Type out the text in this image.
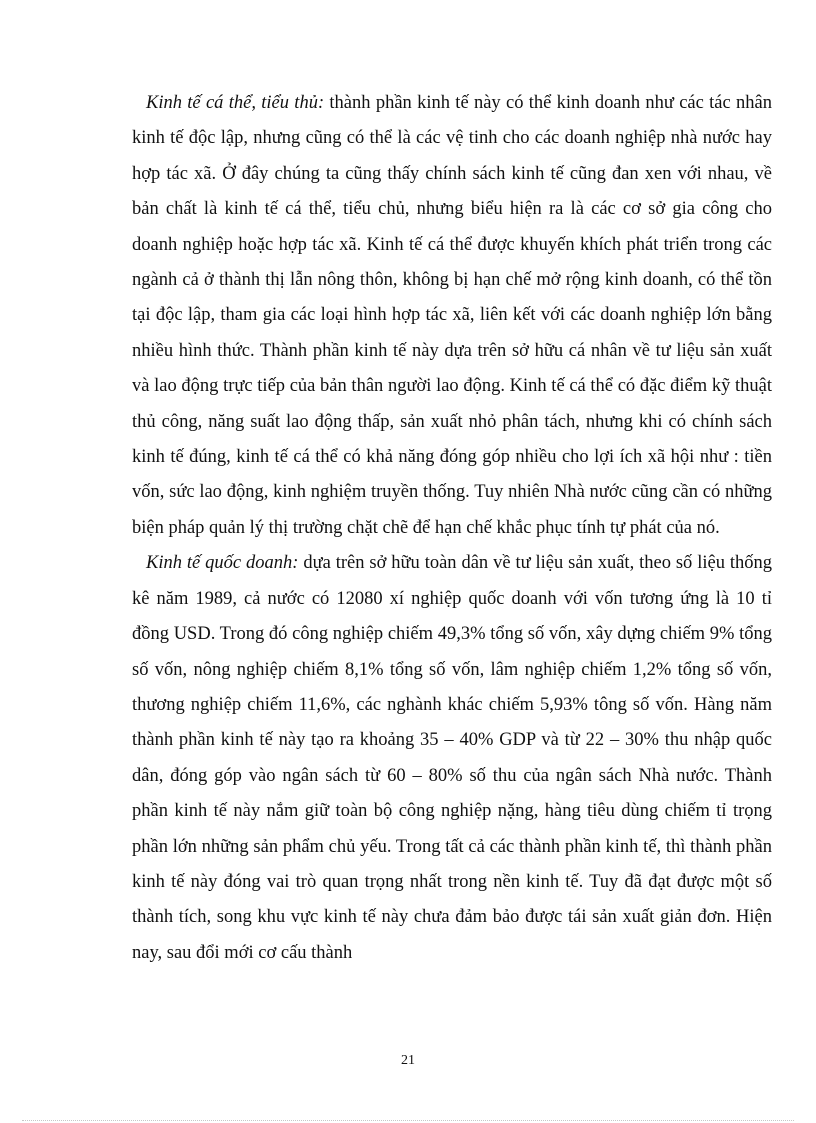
Kinh tế cá thể, tiểu thủ: thành phần kinh tế này có thể kinh doanh như các tác nhân kinh tế độc lập, nhưng cũng có thể là các vệ tinh cho các doanh nghiệp nhà nước hay hợp tác xã. Ở đây chúng ta cũng thấy chính sách kinh tế cũng đan xen với nhau, về bản chất là kinh tế cá thể, tiểu chủ, nhưng biểu hiện ra là các cơ sở gia công cho doanh nghiệp hoặc hợp tác xã. Kinh tế cá thể được khuyến khích phát triển trong các ngành cả ở thành thị lẫn nông thôn, không bị hạn chế mở rộng kinh doanh, có thể tồn tại độc lập, tham gia các loại hình hợp tác xã, liên kết với các doanh nghiệp lớn bằng nhiều hình thức. Thành phần kinh tế này dựa trên sở hữu cá nhân về tư liệu sản xuất và lao động trực tiếp của bản thân người lao động. Kinh tế cá thể có đặc điểm kỹ thuật thủ công, năng suất lao động thấp, sản xuất nhỏ phân tách, nhưng khi có chính sách kinh tế đúng, kinh tế cá thể có khả năng đóng góp nhiều cho lợi ích xã hội như : tiền vốn, sức lao động, kinh nghiệm truyền thống. Tuy nhiên Nhà nước cũng cần có những biện pháp quản lý thị trường chặt chẽ để hạn chế khắc phục tính tự phát của nó.

Kinh tế quốc doanh: dựa trên sở hữu toàn dân về tư liệu sản xuất, theo số liệu thống kê năm 1989, cả nước có 12080 xí nghiệp quốc doanh với vốn tương ứng là 10 tỉ đồng USD. Trong đó công nghiệp chiếm 49,3% tổng số vốn, xây dựng chiếm 9% tổng số vốn, nông nghiệp chiếm 8,1% tổng số vốn, lâm nghiệp chiếm 1,2% tổng số vốn, thương nghiệp chiếm 11,6%, các nghành khác chiếm 5,93% tông số vốn. Hàng năm thành phần kinh tế này tạo ra khoảng 35 – 40% GDP và từ 22 – 30% thu nhập quốc dân, đóng góp vào ngân sách từ 60 – 80% số thu của ngân sách Nhà nước. Thành phần kinh tế này nắm giữ toàn bộ công nghiệp nặng, hàng tiêu dùng chiếm tỉ trọng phần lớn những sản phẩm chủ yếu. Trong tất cả các thành phần kinh tế, thì thành phần kinh tế này đóng vai trò quan trọng nhất trong nền kinh tế. Tuy đã đạt được một số thành tích, song khu vực kinh tế này chưa đảm bảo được tái sản xuất giản đơn. Hiện nay, sau đổi mới cơ cấu thành

21
